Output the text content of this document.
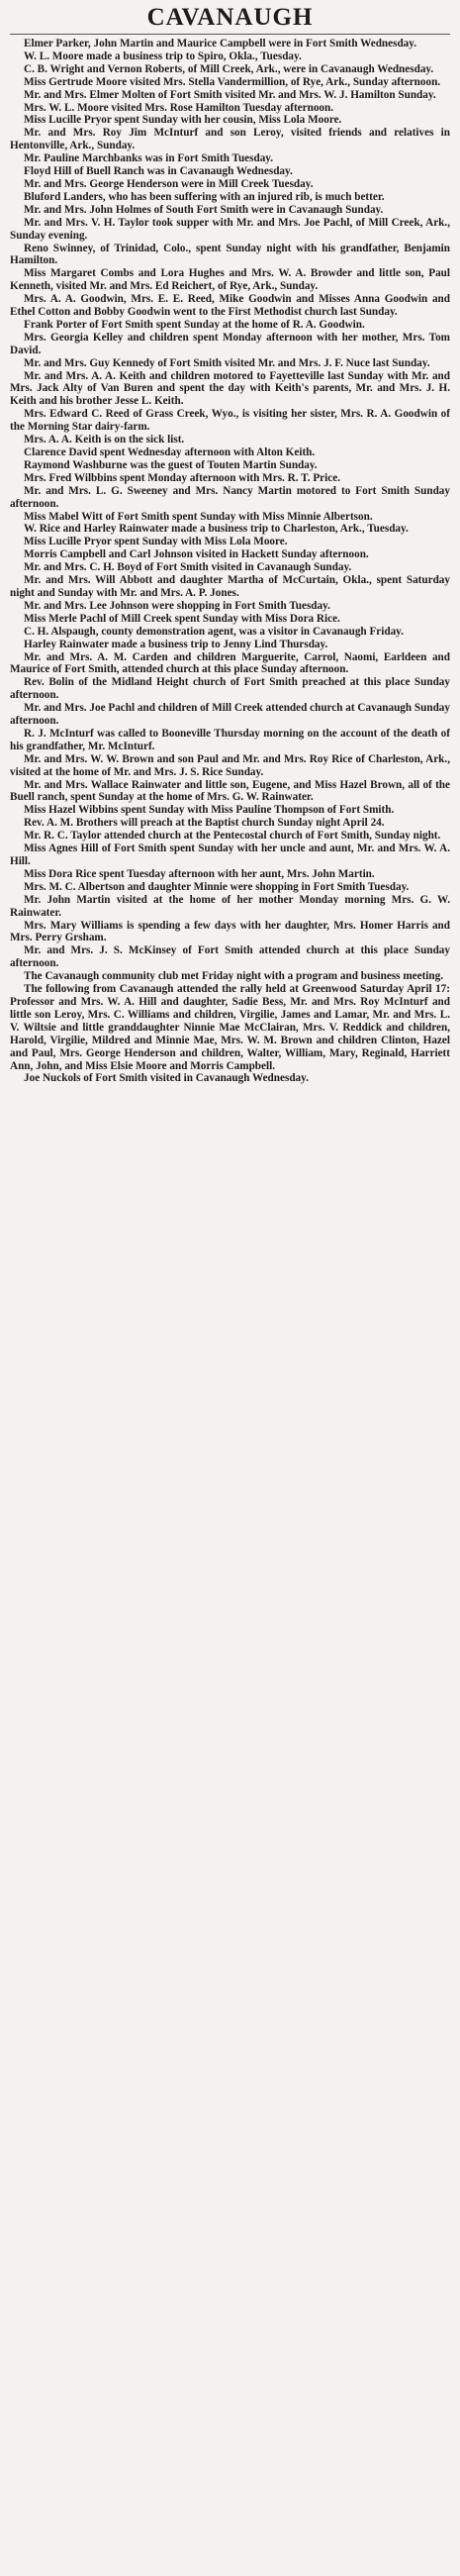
CAVANAUGH

Elmer Parker, John Martin and Maurice Campbell were in Fort Smith Wednesday.

W. L. Moore made a business trip to Spiro, Okla., Tuesday.

C. B. Wright and Vernon Roberts, of Mill Creek, Ark., were in Cavanaugh Wednesday.

Miss Gertrude Moore visited Mrs. Stella Vandermillion, of Rye, Ark., Sunday afternoon.

Mr. and Mrs. Elmer Molten of Fort Smith visited Mr. and Mrs. W. J. Hamilton Sunday.

Mrs. W. L. Moore visited Mrs. Rose Hamilton Tuesday afternoon.

Miss Lucille Pryor spent Sunday with her cousin, Miss Lola Moore.

Mr. and Mrs. Roy Jim McInturf and son Leroy, visited friends and relatives in Hentonville, Ark., Sunday.

Mr. Pauline Marchbanks was in Fort Smith Tuesday.

Floyd Hill of Buell Ranch was in Cavanaugh Wednesday.

Mr. and Mrs. George Henderson were in Mill Creek Tuesday.

Bluford Landers, who has been suffering with an injured rib, is much better.

Mr. and Mrs. John Holmes of South Fort Smith were in Cavanaugh Sunday.

Mr. and Mrs. V. H. Taylor took supper with Mr. and Mrs. Joe Pachl, of Mill Creek, Ark., Sunday evening.

Reno Swinney, of Trinidad, Colo., spent Sunday night with his grandfather, Benjamin Hamilton.

Miss Margaret Combs and Lora Hughes and Mrs. W. A. Browder and little son, Paul Kenneth, visited Mr. and Mrs. Ed Reichert, of Rye, Ark., Sunday.

Mrs. A. A. Goodwin, Mrs. E. E. Reed, Mike Goodwin and Misses Anna Goodwin and Ethel Cotton and Bobby Goodwin went to the First Methodist church last Sunday.

Frank Porter of Fort Smith spent Sunday at the home of R. A. Goodwin.

Mrs. Georgia Kelley and children spent Monday afternoon with her mother, Mrs. Tom David.

Mr. and Mrs. Guy Kennedy of Fort Smith visited Mr. and Mrs. J. F. Nuce last Sunday.

Mr. and Mrs. A. A. Keith and children motored to Fayetteville last Sunday with Mr. and Mrs. Jack Alty of Van Buren and spent the day with Keith's parents, Mr. and Mrs. J. H. Keith and his brother Jesse L. Keith.

Mrs. Edward C. Reed of Grass Creek, Wyo., is visiting her sister, Mrs. R. A. Goodwin of the Morning Star dairy-farm.

Mrs. A. A. Keith is on the sick list.

Clarence David spent Wednesday afternoon with Alton Keith.

Raymond Washburne was the guest of Touten Martin Sunday.

Mrs. Fred Wilbbins spent Monday afternoon with Mrs. R. T. Price.

Mr. and Mrs. L. G. Sweeney and Mrs. Nancy Martin motored to Fort Smith Sunday afternoon.

Miss Mabel Witt of Fort Smith spent Sunday with Miss Minnie Albertson.

W. Rice and Harley Rainwater made a business trip to Charleston, Ark., Tuesday.

Miss Lucille Pryor spent Sunday with Miss Lola Moore.

Morris Campbell and Carl Johnson visited in Hackett Sunday afternoon.

Mr. and Mrs. C. H. Boyd of Fort Smith visited in Cavanaugh Sunday.

Mr. and Mrs. Will Abbott and daughter Martha of McCurtain, Okla., spent Saturday night and Sunday with Mr. and Mrs. A. P. Jones.

Mr. and Mrs. Lee Johnson were shopping in Fort Smith Tuesday.

Miss Merle Pachl of Mill Creek spent Sunday with Miss Dora Rice.

C. H. Alspaugh, county demonstration agent, was a visitor in Cavanaugh Friday.

Harley Rainwater made a business trip to Jenny Lind Thursday.

Mr. and Mrs. A. M. Carden and children Marguerite, Carrol, Naomi, Earldeen and Maurice of Fort Smith, attended church at this place Sunday afternoon.

Rev. Bolin of the Midland Height church of Fort Smith preached at this place Sunday afternoon.

Mr. and Mrs. Joe Pachl and children of Mill Creek attended church at Cavanaugh Sunday afternoon.

R. J. McInturf was called to Booneville Thursday morning on the account of the death of his grandfather, Mr. McInturf.

Mr. and Mrs. W. W. Brown and son Paul and Mr. and Mrs. Roy Rice of Charleston, Ark., visited at the home of Mr. and Mrs. J. S. Rice Sunday.

Mr. and Mrs. Wallace Rainwater and little son, Eugene, and Miss Hazel Brown, all of the Buell ranch, spent Sunday at the home of Mrs. G. W. Rainwater.

Miss Hazel Wibbins spent Sunday with Miss Pauline Thompson of Fort Smith.

Rev. A. M. Brothers will preach at the Baptist church Sunday night April 24.

Mr. R. C. Taylor attended church at the Pentecostal church of Fort Smith, Sunday night.

Miss Agnes Hill of Fort Smith spent Sunday with her uncle and aunt, Mr. and Mrs. W. A. Hill.

Miss Dora Rice spent Tuesday afternoon with her aunt, Mrs. John Martin.

Mrs. M. C. Albertson and daughter Minnie were shopping in Fort Smith Tuesday.

Mr. John Martin visited at the home of her mother Monday morning Mrs. G. W. Rainwater.

Mrs. Mary Williams is spending a few days with her daughter, Mrs. Homer Harris and Mrs. Perry Grsham.

Mr. and Mrs. J. S. McKinsey of Fort Smith attended church at this place Sunday afternoon.

The Cavanaugh community club met Friday night with a program and business meeting.

The following from Cavanaugh attended the rally held at Greenwood Saturday April 17: Professor and Mrs. W. A. Hill and daughter, Sadie Bess, Mr. and Mrs. Roy McInturf and little son Leroy, Mrs. C. Williams and children, Virgilie, James and Lamar, Mr. and Mrs. L. V. Wiltsie and little granddaughter Ninnie Mae McClairan, Mrs. V. Reddick and children, Harold, Virgilie, Mildred and Minnie Mae, Mrs. W. M. Brown and children Clinton, Hazel and Paul, Mrs. George Henderson and children, Walter, William, Mary, Reginald, Harriett Ann, John, and Miss Elsie Moore and Morris Campbell.

Joe Nuckols of Fort Smith visited in Cavanaugh Wednesday.
